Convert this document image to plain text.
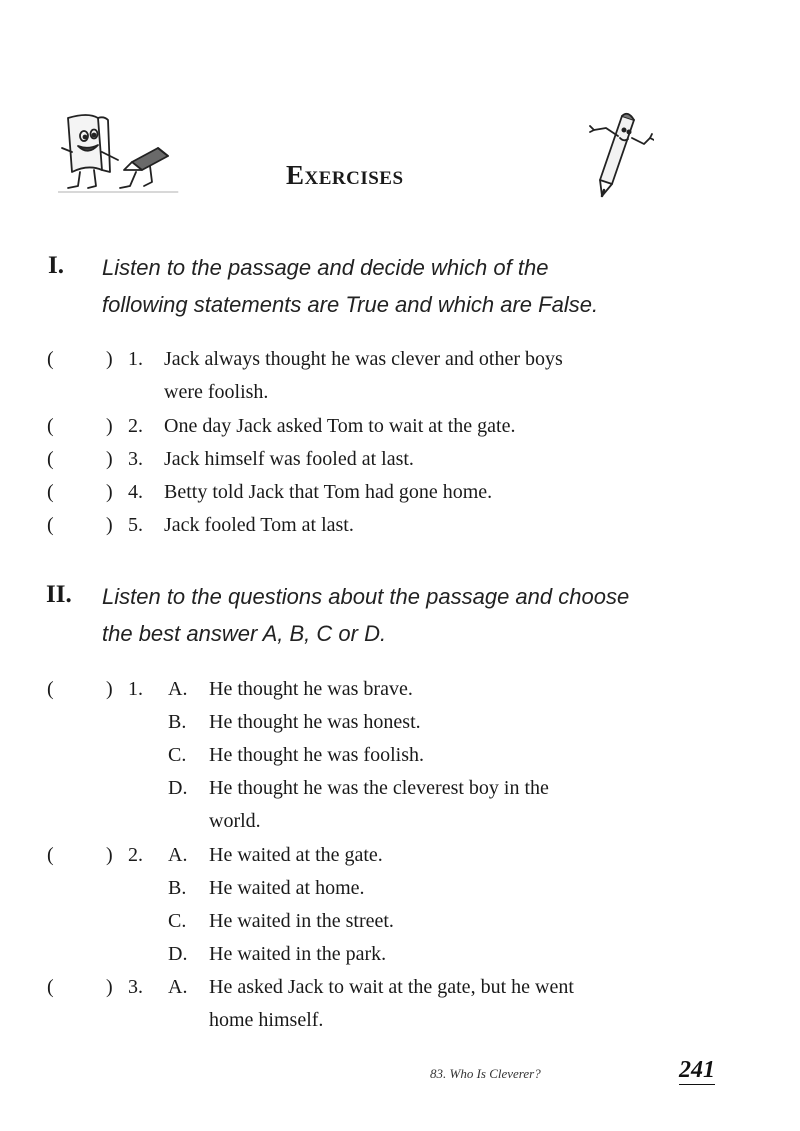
Exercises
I. Listen to the passage and decide which of the
following statements are True and which are False.
(	) 1. Jack always thought he was clever and other boys
were foolish.
(	) 2. One day Jack asked Tom to wait at the gate.
(	) 3. Jack himself was fooled at last.
(	) 4. Betty told Jack that Tom had gone home.
(	) 5. Jack fooled Tom at last.
II. Listen to the questions about the passage and choose
the best answer A, B, C or D.
(	) 1. A. He thought he was brave.
B. He thought he was honest.
C. He thought he was foolish.
D. He thought he was the cleverest boy in the
world.
(	) 2. A. He waited at the gate.
B. He waited at home.
C. He waited in the street.
D. He waited in the park.
(	) 3. A. He asked Jack to wait at the gate, but he went
home himself.
83. Who Is Cleverer?	241
